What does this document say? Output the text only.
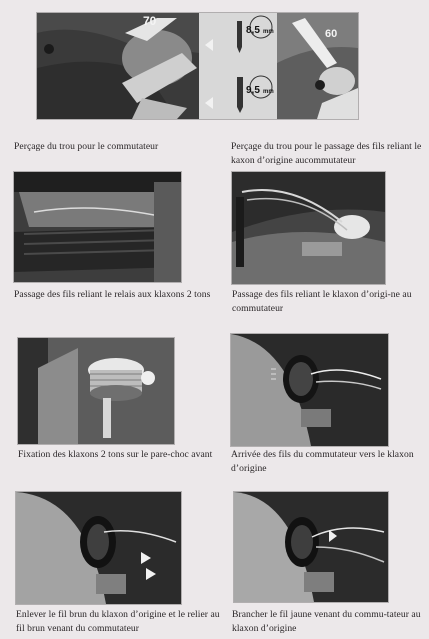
70
8,5 mm
9,5 mm
60

Perçage du trou pour le commutateur	Perçage du trou pour le passage des fils reliant le kaxon d’origine aucommutateur

Passage des fils reliant le relais aux klaxons 2 tons	Passage des fils reliant le klaxon d’origi-ne au commutateur

Fixation des klaxons 2 tons sur le pare-choc avant	Arrivée des fils du commutateur vers le klaxon d’origine

Enlever le fil brun du klaxon d’origine et le relier au fil brun venant du commutateur

Brancher le fil jaune venant du commu-tateur au klaxon d’origine
